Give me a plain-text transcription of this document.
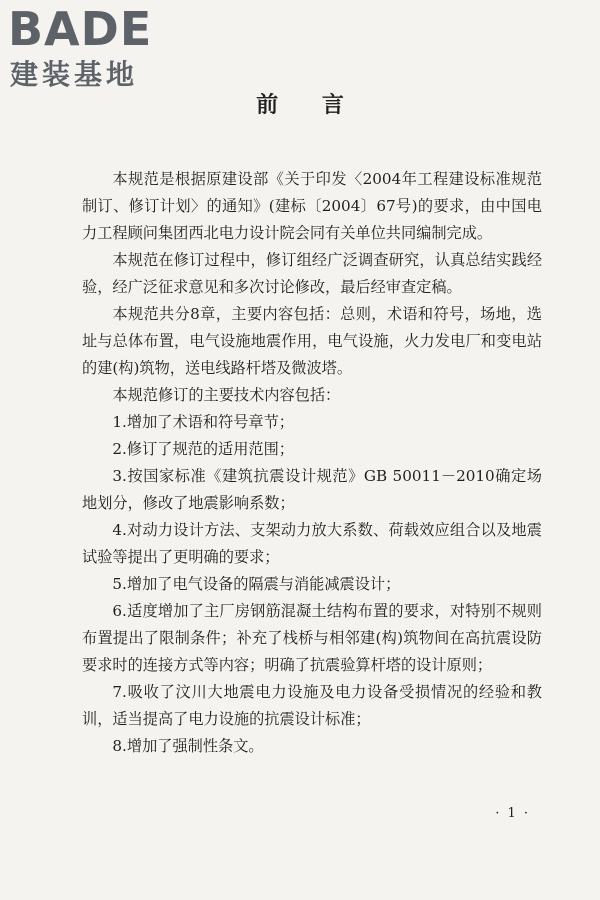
BADE
建装基地
前 言

本规范是根据原建设部《关于印发〈2004年工程建设标准规范制订、修订计划〉的通知》(建标〔2004〕67号)的要求，由中国电力工程顾问集团西北电力设计院会同有关单位共同编制完成。

本规范在修订过程中，修订组经广泛调查研究，认真总结实践经验，经广泛征求意见和多次讨论修改，最后经审查定稿。

本规范共分8章，主要内容包括：总则，术语和符号，场地，选址与总体布置，电气设施地震作用，电气设施，火力发电厂和变电站的建(构)筑物，送电线路杆塔及微波塔。

本规范修订的主要技术内容包括：

1.增加了术语和符号章节；

2.修订了规范的适用范围；

3.按国家标准《建筑抗震设计规范》GB 50011－2010确定场地划分，修改了地震影响系数；

4.对动力设计方法、支架动力放大系数、荷载效应组合以及地震试验等提出了更明确的要求；

5.增加了电气设备的隔震与消能减震设计；

6.适度增加了主厂房钢筋混凝土结构布置的要求，对特别不规则布置提出了限制条件；补充了栈桥与相邻建(构)筑物间在高抗震设防要求时的连接方式等内容；明确了抗震验算杆塔的设计原则；

7.吸收了汶川大地震电力设施及电力设备受损情况的经验和教训，适当提高了电力设施的抗震设计标准；

8.增加了强制性条文。

· 1 ·
